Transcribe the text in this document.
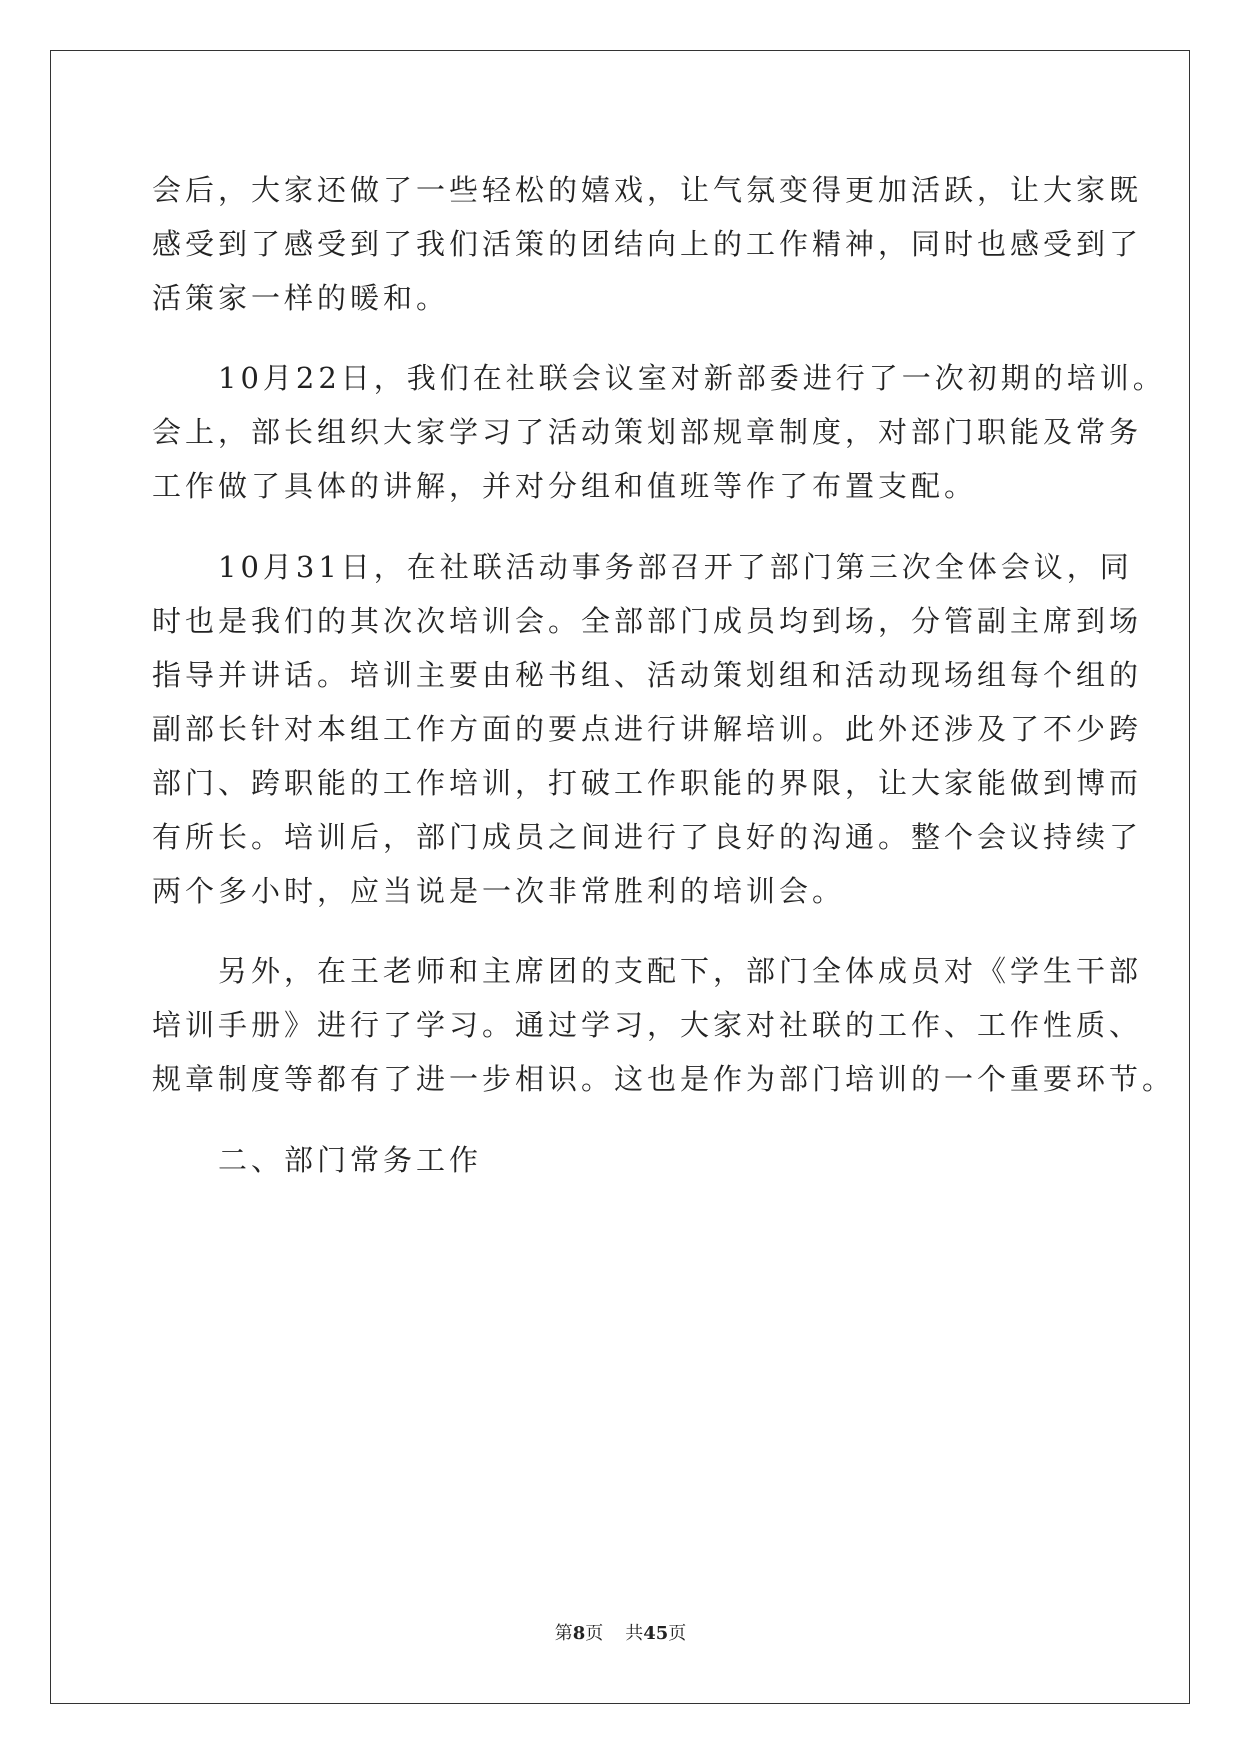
会后，大家还做了一些轻松的嬉戏，让气氛变得更加活跃，让大家既
感受到了感受到了我们活策的团结向上的工作精神，同时也感受到了
活策家一样的暖和。
　　10月22日，我们在社联会议室对新部委进行了一次初期的培训。
会上，部长组织大家学习了活动策划部规章制度，对部门职能及常务
工作做了具体的讲解，并对分组和值班等作了布置支配。
　　10月31日，在社联活动事务部召开了部门第三次全体会议，同
时也是我们的其次次培训会。全部部门成员均到场，分管副主席到场
指导并讲话。培训主要由秘书组、活动策划组和活动现场组每个组的
副部长针对本组工作方面的要点进行讲解培训。此外还涉及了不少跨
部门、跨职能的工作培训，打破工作职能的界限，让大家能做到博而
有所长。培训后，部门成员之间进行了良好的沟通。整个会议持续了
两个多小时，应当说是一次非常胜利的培训会。
　　另外，在王老师和主席团的支配下，部门全体成员对《学生干部
培训手册》进行了学习。通过学习，大家对社联的工作、工作性质、
规章制度等都有了进一步相识。这也是作为部门培训的一个重要环节。
　　二、部门常务工作
第8页 共45页
